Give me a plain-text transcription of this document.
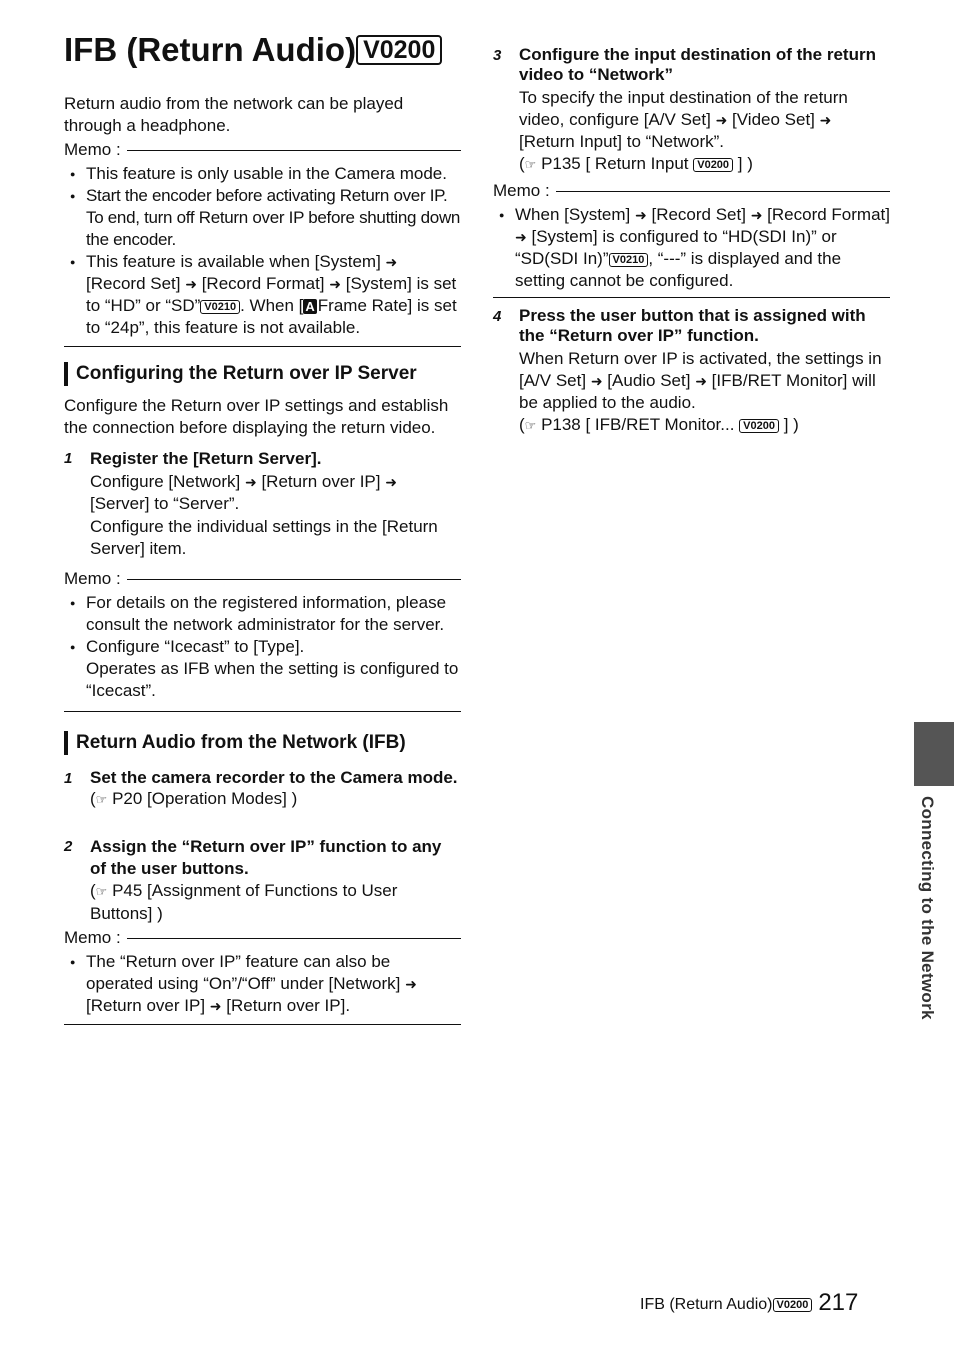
IFB (Return Audio) V0200
Return audio from the network can be played through a headphone.
Memo :
● This feature is only usable in the Camera mode.
● Start the encoder before activating Return over IP. To end, turn off Return over IP before shutting down the encoder.
● This feature is available when [System] ➜ [Record Set] ➜ [Record Format] ➜ [System] is set to “HD” or “SD” V0210 . When [ A Frame Rate] is set to “24p”, this feature is not available.
Configuring the Return over IP Server
Configure the Return over IP settings and establish the connection before displaying the return video.
1 Register the [Return Server].
Configure [Network] ➜ [Return over IP] ➜ [Server] to “Server”.
Configure the individual settings in the [Return Server] item.
Memo :
● For details on the registered information, please consult the network administrator for the server.
● Configure “Icecast” to [Type].
Operates as IFB when the setting is configured to “Icecast”.
Return Audio from the Network (IFB)
1 Set the camera recorder to the Camera mode.
(☞ P20 [Operation Modes] )
2 Assign the “Return over IP” function to any of the user buttons.
(☞ P45 [Assignment of Functions to User Buttons] )
Memo :
● The “Return over IP” feature can also be operated using “On”/“Off” under [Network] ➜ [Return over IP] ➜ [Return over IP].
3 Configure the input destination of the return video to “Network”
To specify the input destination of the return video, configure [A/V Set] ➜ [Video Set] ➜ [Return Input] to “Network”.
(☞ P135 [ Return Input V0200 ] )
Memo :
● When [System] ➜ [Record Set] ➜ [Record Format] ➜ [System] is configured to “HD(SDI In)” or “SD(SDI In)” V0210 , “---” is displayed and the setting cannot be configured.
4 Press the user button that is assigned with the “Return over IP” function.
When Return over IP is activated, the settings in [A/V Set] ➜ [Audio Set] ➜ [IFB/RET Monitor] will be applied to the audio.
(☞ P138 [ IFB/RET Monitor... V0200 ] )
Connecting to the Network
IFB (Return Audio) V0200 217
